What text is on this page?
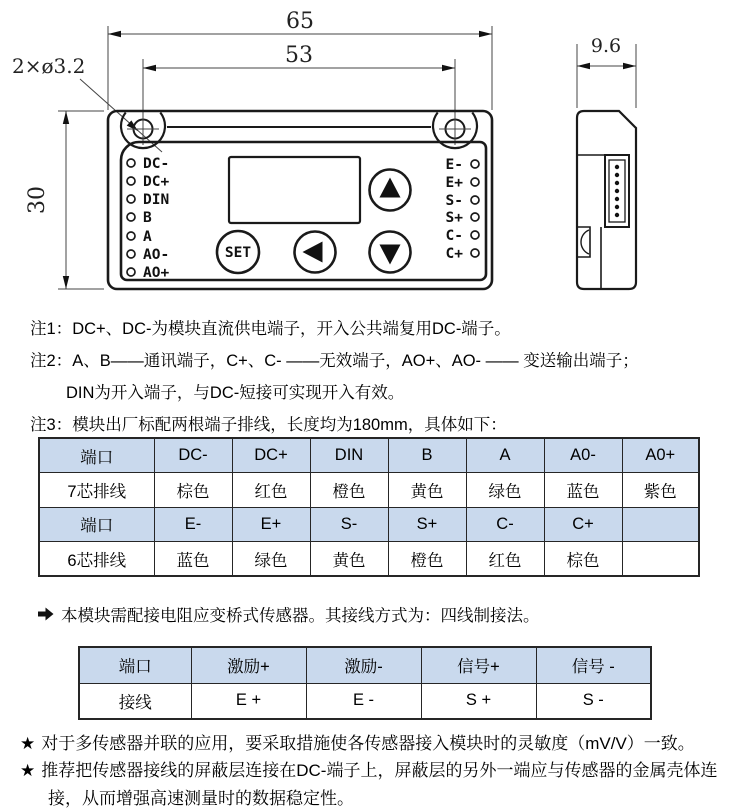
65
53
30
2×ø3.2
SET
DC-
DC+
DIN
B
A
AO-
AO+
E-
E+
S-
S+
C-
C+
9.6
注1：DC+、DC-为模块直流供电端子，开入公共端复用DC-端子。
注2：A、B——通讯端子，C+、C- ——无效端子，AO+、AO- —— 变送输出端子；
DIN为开入端子，与DC-短接可实现开入有效。
注3：模块出厂标配两根端子排线，长度均为180mm，具体如下：
端口	DC-	DC+	DIN	B	A	A0-	A0+
7芯排线	棕色	红色	橙色	黄色	绿色	蓝色	紫色
端口	E-	E+	S-	S+	C-	C+	
6芯排线	蓝色	绿色	黄色	橙色	红色	棕色	
本模块需配接电阻应变桥式传感器。其接线方式为：四线制接法。
端口	激励+	激励-	信号+	信号 -
接线	E +	E -	S +	S -
★ 对于多传感器并联的应用，要采取措施使各传感器接入模块时的灵敏度（mV/V）一致。
★ 推荐把传感器接线的屏蔽层连接在DC-端子上，屏蔽层的另外一端应与传感器的金属壳体连接，从而增强高速测量时的数据稳定性。
